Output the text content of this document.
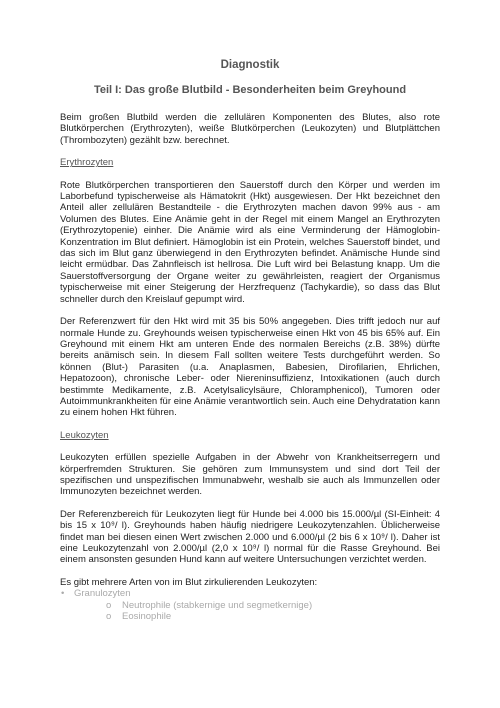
Diagnostik
Teil I: Das große Blutbild - Besonderheiten beim Greyhound

Beim großen Blutbild werden die zellulären Komponenten des Blutes, also rote Blutkörperchen (Erythrozyten), weiße Blutkörperchen (Leukozyten) und Blutplättchen (Thrombozyten) gezählt bzw. berechnet.

Erythrozyten

Rote Blutkörperchen transportieren den Sauerstoff durch den Körper und werden im Laborbefund typischerweise als Hämatokrit (Hkt) ausgewiesen. Der Hkt bezeichnet den Anteil aller zellulären Bestandteile - die Erythrozyten machen davon 99% aus - am Volumen des Blutes. Eine Anämie geht in der Regel mit einem Mangel an Erythrozyten (Erythrozytopenie) einher. Die Anämie wird als eine Verminderung der Hämoglobin-Konzentration im Blut definiert. Hämoglobin ist ein Protein, welches Sauerstoff bindet, und das sich im Blut ganz überwiegend in den Erythrozyten befindet. Anämische Hunde sind leicht ermüdbar. Das Zahnfleisch ist hellrosa. Die Luft wird bei Belastung knapp. Um die Sauerstoffversorgung der Organe weiter zu gewährleisten, reagiert der Organismus typischerweise mit einer Steigerung der Herzfrequenz (Tachykardie), so dass das Blut schneller durch den Kreislauf gepumpt wird.

Der Referenzwert für den Hkt wird mit 35 bis 50% angegeben. Dies trifft jedoch nur auf normale Hunde zu. Greyhounds weisen typischerweise einen Hkt von 45 bis 65% auf. Ein Greyhound mit einem Hkt am unteren Ende des normalen Bereichs (z.B. 38%) dürfte bereits anämisch sein. In diesem Fall sollten weitere Tests durchgeführt werden. So können (Blut-) Parasiten (u.a. Anaplasmen, Babesien, Dirofilarien, Ehrlichen, Hepatozoon), chronische Leber- oder Niereninsuffizienz, Intoxikationen (auch durch bestimmte Medikamente, z.B. Acetylsalicylsäure, Chloramphenicol), Tumoren oder Autoimmunkrankheiten für eine Anämie verantwortlich sein. Auch eine Dehydratation kann zu einem hohen Hkt führen.

Leukozyten

Leukozyten erfüllen spezielle Aufgaben in der Abwehr von Krankheitserregern und körperfremden Strukturen. Sie gehören zum Immunsystem und sind dort Teil der spezifischen und unspezifischen Immunabwehr, weshalb sie auch als Immunzellen oder Immunozyten bezeichnet werden.

Der Referenzbereich für Leukozyten liegt für Hunde bei 4.000 bis 15.000/µl (SI-Einheit: 4 bis 15 x 10⁹/ l). Greyhounds haben häufig niedrigere Leukozytenzahlen. Üblicherweise findet man bei diesen einen Wert zwischen 2.000 und 6.000/µl (2 bis 6 x 10⁹/ l). Daher ist eine Leukozytenzahl von 2.000/µl (2,0 x 10⁹/ l) normal für die Rasse Greyhound. Bei einem ansonsten gesunden Hund kann auf weitere Untersuchungen verzichtet werden.

Es gibt mehrere Arten von im Blut zirkulierenden Leukozyten:

• Granulozyten
o Neutrophile (stabkernige und segmetkernige)
o Eosinophile
